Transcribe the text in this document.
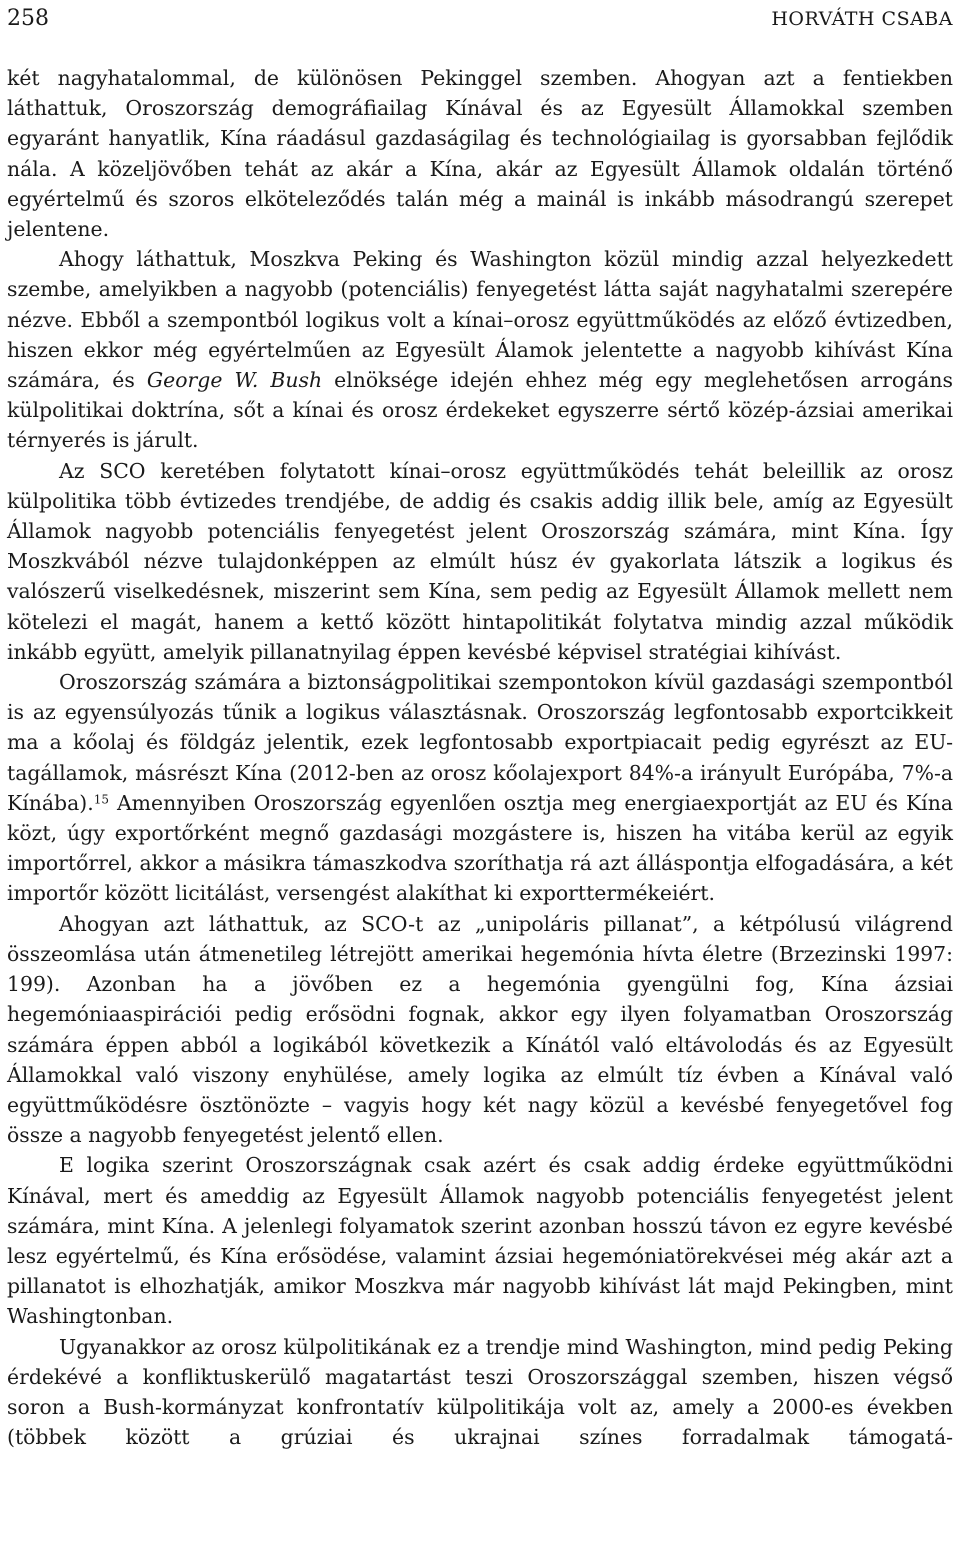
258	HORVÁTH CSABA

két nagyhatalommal, de különösen Pekinggel szemben. Ahogyan azt a fentiekben láthattuk, Oroszország demográfiailag Kínával és az Egyesült Államokkal szemben egyaránt hanyatlik, Kína ráadásul gazdaságilag és technológiailag is gyorsabban fejlődik nála. A közeljövőben tehát az akár a Kína, akár az Egyesült Államok oldalán történő egyértelmű és szoros elköteleződés talán még a mainál is inkább másodrangú szerepet jelentene.

Ahogy láthattuk, Moszkva Peking és Washington közül mindig azzal helyezkedett szembe, amelyikben a nagyobb (potenciális) fenyegetést látta saját nagyhatalmi szerepére nézve. Ebből a szempontból logikus volt a kínai–orosz együttműködés az előző évtizedben, hiszen ekkor még egyértelműen az Egyesült Álamok jelentette a nagyobb kihívást Kína számára, és George W. Bush elnöksége idején ehhez még egy meglehetősen arrogáns külpolitikai doktrína, sőt a kínai és orosz érdekeket egyszerre sértő közép-ázsiai amerikai térnyerés is járult.

Az SCO keretében folytatott kínai–orosz együttműködés tehát beleillik az orosz külpolitika több évtizedes trendjébe, de addig és csakis addig illik bele, amíg az Egyesült Államok nagyobb potenciális fenyegetést jelent Oroszország számára, mint Kína. Így Moszkvából nézve tulajdonképpen az elmúlt húsz év gyakorlata látszik a logikus és valószerű viselkedésnek, miszerint sem Kína, sem pedig az Egyesült Államok mellett nem kötelezi el magát, hanem a kettő között hintapolitikát folytatva mindig azzal működik inkább együtt, amelyik pillanatnyilag éppen kevésbé képvisel stratégiai kihívást.

Oroszország számára a biztonságpolitikai szempontokon kívül gazdasági szempontból is az egyensúlyozás tűnik a logikus választásnak. Oroszország legfontosabb exportcikkeit ma a kőolaj és földgáz jelentik, ezek legfontosabb exportpiacait pedig egyrészt az EU-tagállamok, másrészt Kína (2012-ben az orosz kőolajexport 84%-a irányult Európába, 7%-a Kínába).$^{15}$ Amennyiben Oroszország egyenlően osztja meg energiaexportját az EU és Kína közt, úgy exportőrként megnő gazdasági mozgástere is, hiszen ha vitába kerül az egyik importőrrel, akkor a másikra támaszkodva szoríthatja rá azt álláspontja elfogadására, a két importőr között licitálást, versengést alakíthat ki exporttermékeiért.

Ahogyan azt láthattuk, az SCO-t az „unipoláris pillanat”, a kétpólusú világrend összeomlása után átmenetileg létrejött amerikai hegemónia hívta életre (Brzezinski 1997: 199). Azonban ha a jövőben ez a hegemónia gyengülni fog, Kína ázsiai hegemóniaaspirációi pedig erősödni fognak, akkor egy ilyen folyamatban Oroszország számára éppen abból a logikából következik a Kínától való eltávolodás és az Egyesült Államokkal való viszony enyhülése, amely logika az elmúlt tíz évben a Kínával való együttműködésre ösztönözte – vagyis hogy két nagy közül a kevésbé fenyegetővel fog össze a nagyobb fenyegetést jelentő ellen.

E logika szerint Oroszországnak csak azért és csak addig érdeke együttműködni Kínával, mert és ameddig az Egyesült Államok nagyobb potenciális fenyegetést jelent számára, mint Kína. A jelenlegi folyamatok szerint azonban hosszú távon ez egyre kevésbé lesz egyértelmű, és Kína erősödése, valamint ázsiai hegemóniatörekvései még akár azt a pillanatot is elhozhatják, amikor Moszkva már nagyobb kihívást lát majd Pekingben, mint Washingtonban.

Ugyanakkor az orosz külpolitikának ez a trendje mind Washington, mind pedig Peking érdekévé a konfliktuskerülő magatartást teszi Oroszországgal szemben, hiszen végső soron a Bush-kormányzat konfrontatív külpolitikája volt az, amely a 2000-es években (többek között a grúziai és ukrajnai színes forradalmak támogatá-
